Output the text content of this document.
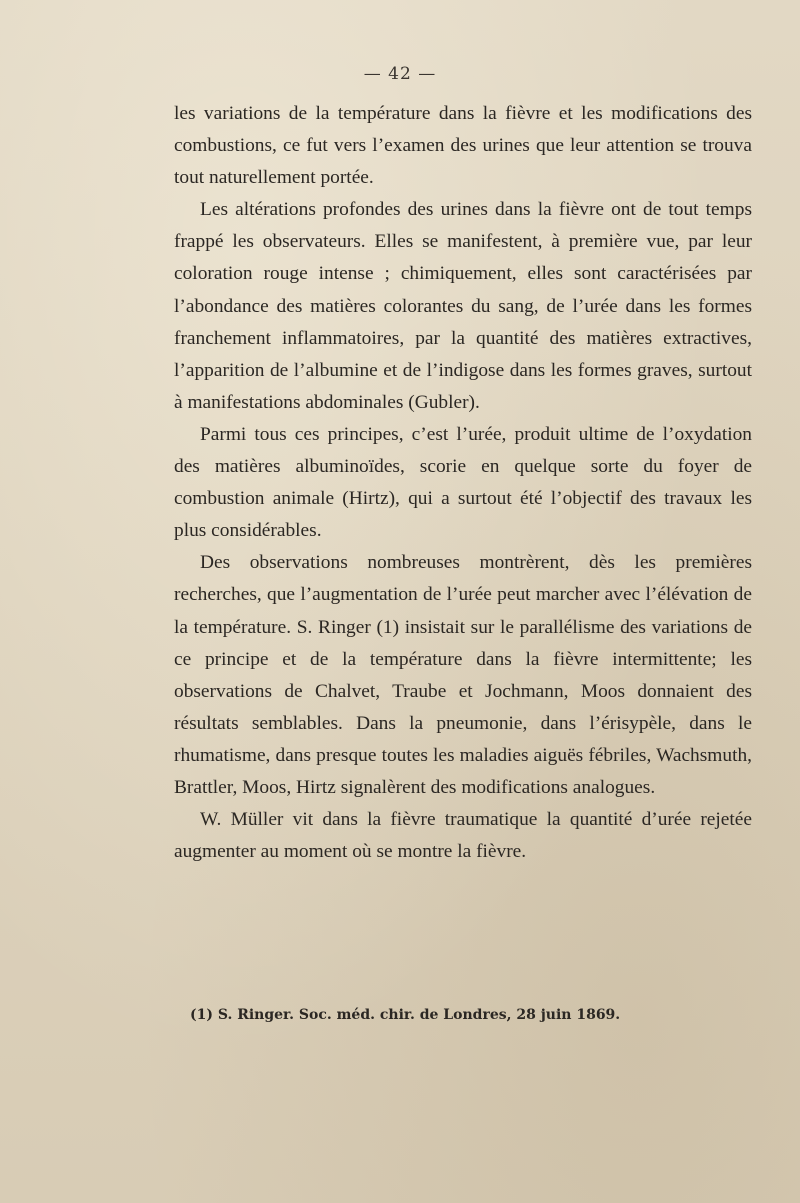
— 42 —

les variations de la température dans la fièvre et les modifications des combustions, ce fut vers l’examen des urines que leur attention se trouva tout naturellement portée.

Les altérations profondes des urines dans la fièvre ont de tout temps frappé les observateurs. Elles se manifestent, à première vue, par leur coloration rouge intense ; chimiquement, elles sont caractérisées par l’abondance des matières colorantes du sang, de l’urée dans les formes franchement inflammatoires, par la quantité des matières extractives, l’apparition de l’albumine et de l’indigose dans les formes graves, surtout à manifestations abdominales (Gubler).

Parmi tous ces principes, c’est l’urée, produit ultime de l’oxydation des matières albuminoïdes, scorie en quelque sorte du foyer de combustion animale (Hirtz), qui a surtout été l’objectif des travaux les plus considérables.

Des observations nombreuses montrèrent, dès les premières recherches, que l’augmentation de l’urée peut marcher avec l’élévation de la température. S. Ringer (1) insistait sur le parallélisme des variations de ce principe et de la température dans la fièvre intermittente; les observations de Chalvet, Traube et Jochmann, Moos donnaient des résultats semblables. Dans la pneumonie, dans l’érisypèle, dans le rhumatisme, dans presque toutes les maladies aiguës fébriles, Wachsmuth, Brattler, Moos, Hirtz signalèrent des modifications analogues.

W. Müller vit dans la fièvre traumatique la quantité d’urée rejetée augmenter au moment où se montre la fièvre.

(1) S. Ringer. Soc. méd. chir. de Londres, 28 juin 1869.
